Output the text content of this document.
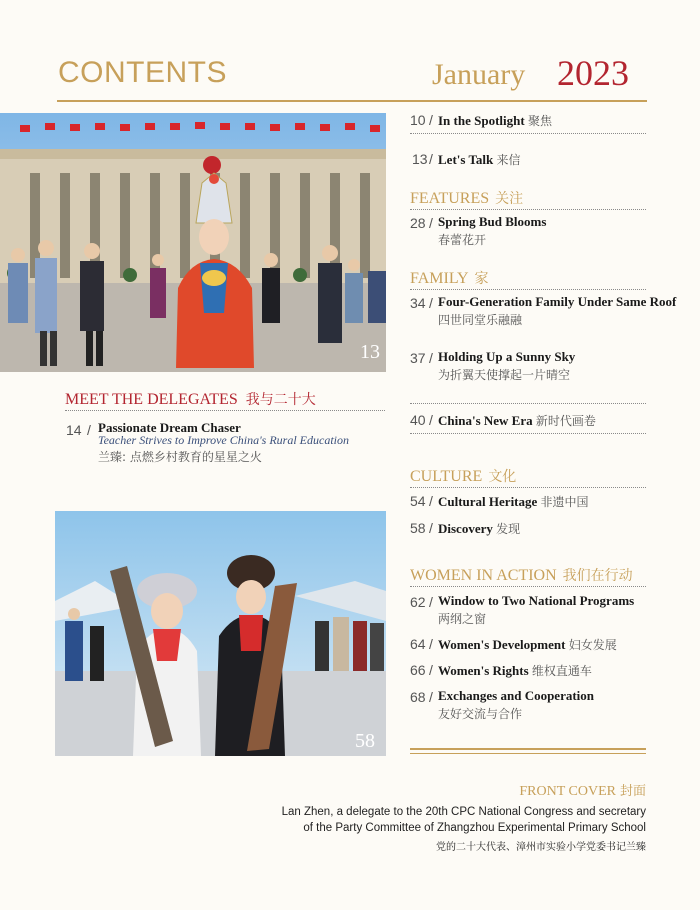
CONTENTS	January 2023
13
MEET THE DELEGATES 我与二十大
14 / Passionate Dream Chaser
Teacher Strives to Improve China's Rural Education
兰臻: 点燃乡村教育的星星之火
58
10 / In the Spotlight 聚焦
13 / Let's Talk 来信
FEATURES 关注
28 / Spring Bud Blooms
春蕾花开
FAMILY 家
34 / Four-Generation Family Under Same Roof
四世同堂乐融融
37 / Holding Up a Sunny Sky
为折翼天使撑起一片晴空
40 / China's New Era 新时代画卷
CULTURE 文化
54 / Cultural Heritage 非遗中国
58 / Discovery 发现
WOMEN IN ACTION 我们在行动
62 / Window to Two National Programs
两纲之窗
64 / Women's Development 妇女发展
66 / Women's Rights 维权直通车
68 / Exchanges and Cooperation
友好交流与合作
FRONT COVER 封面
Lan Zhen, a delegate to the 20th CPC National Congress and secretary
of the Party Committee of Zhangzhou Experimental Primary School
党的二十大代表、漳州市实验小学党委书记兰臻
